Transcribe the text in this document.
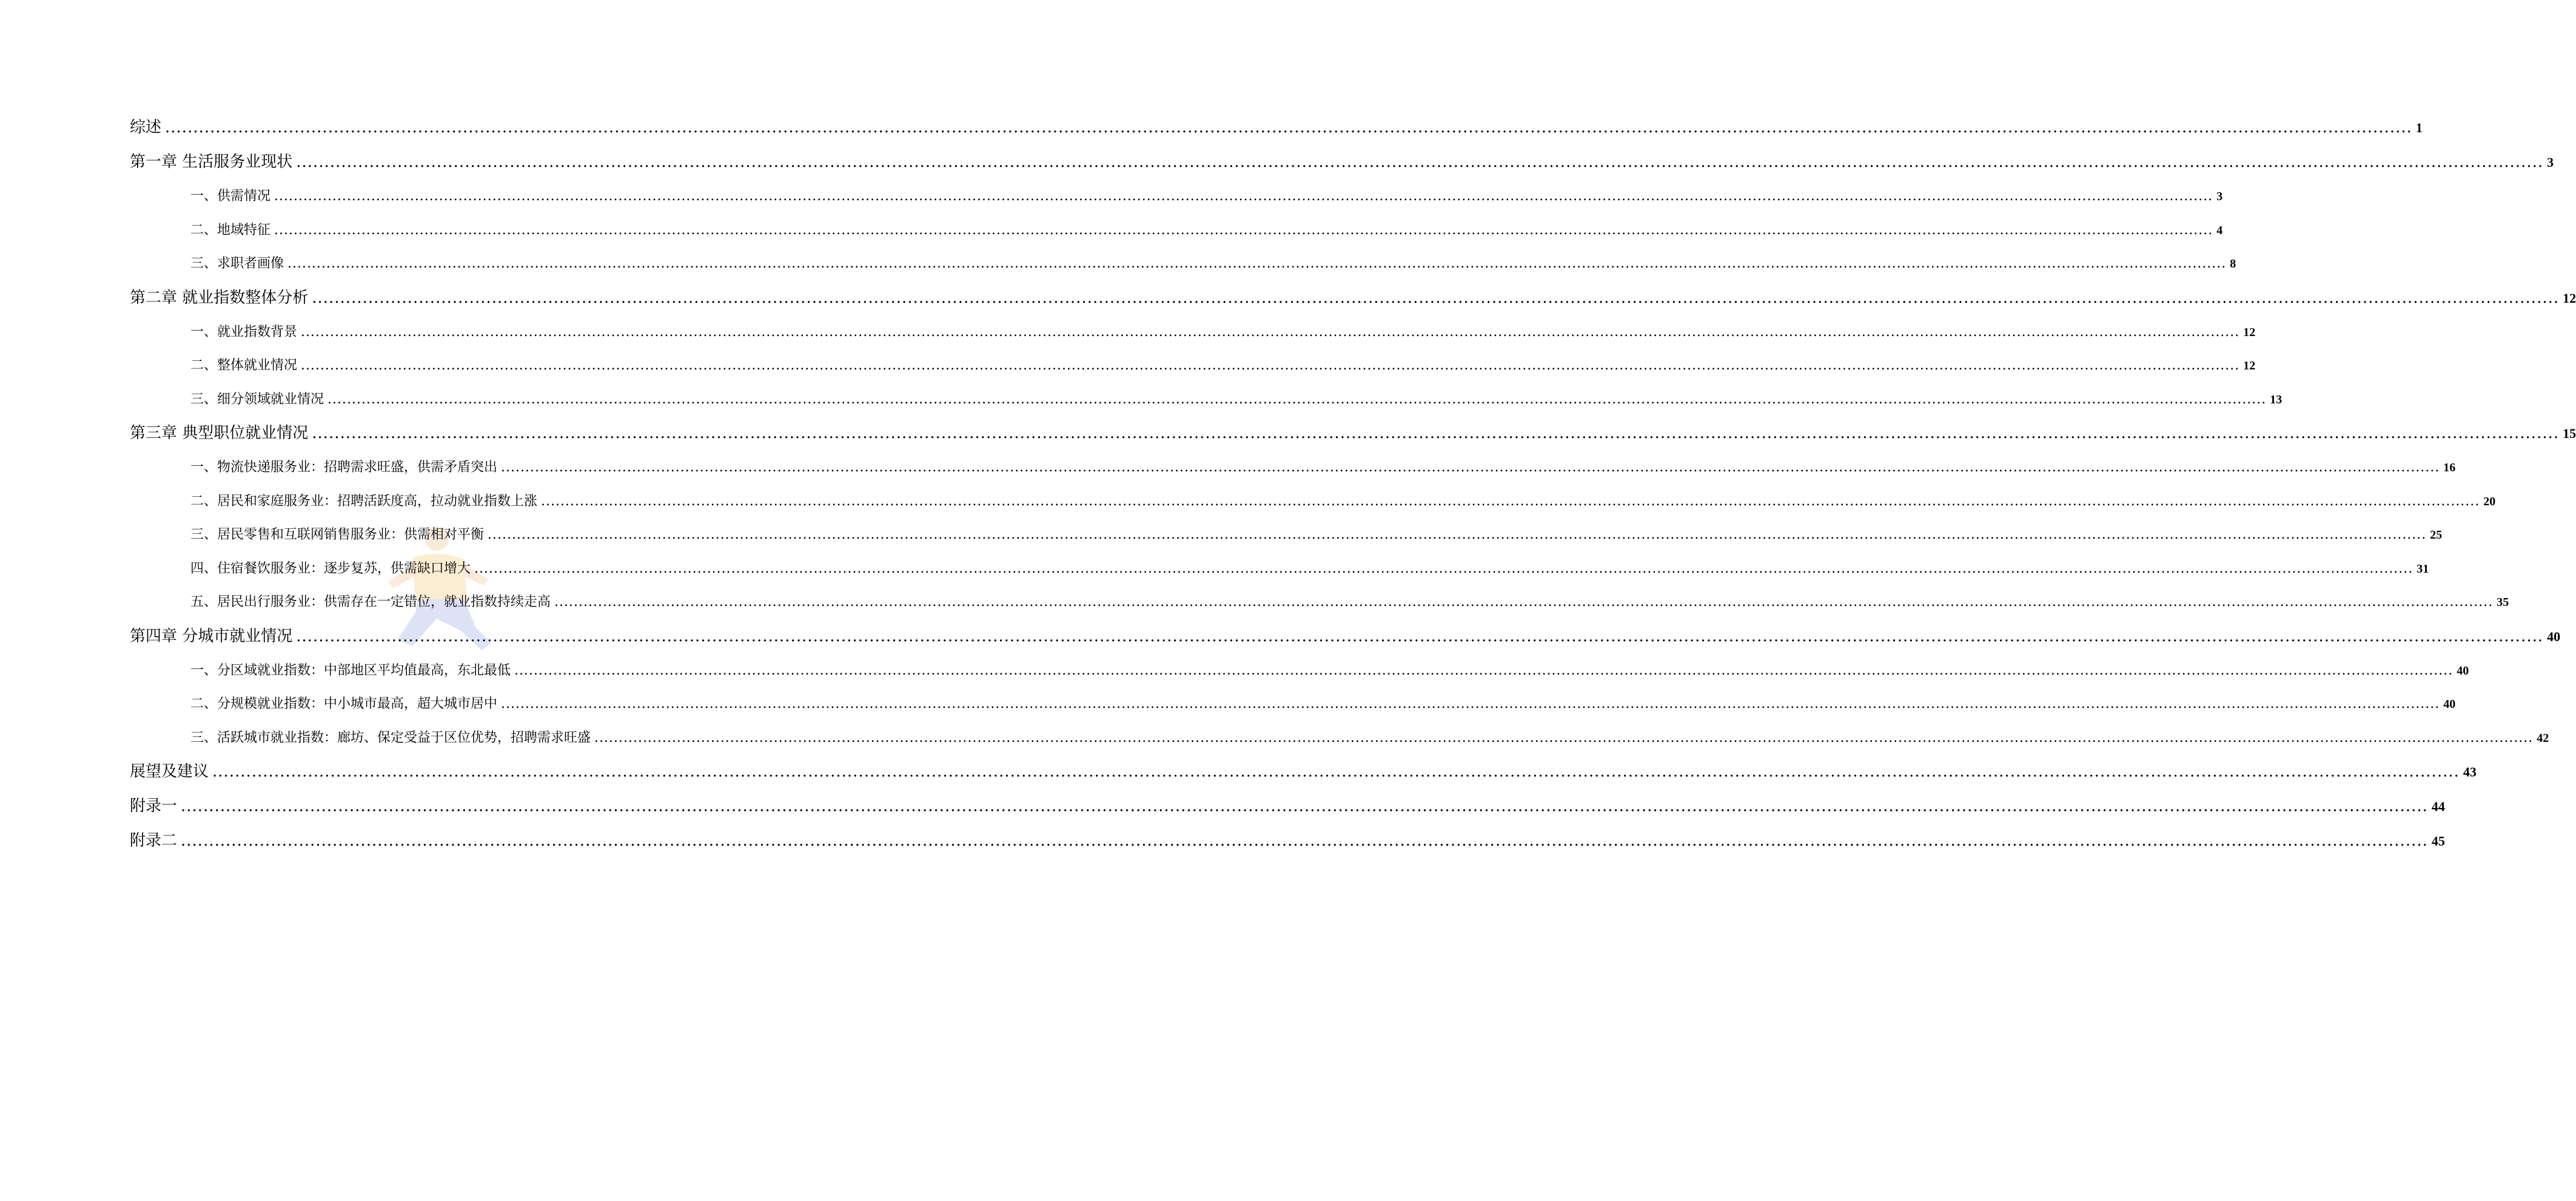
综述 ................................................................................................................................................................................................................................................................................................................................................................................................................ 1
第一章 生活服务业现状 ................................................................................................................................................................................................................................................................................................................................................................................................................ 3
一、供需情况 ................................................................................................................................................................................................................................................................................................................................................................................................................ 3
二、地域特征 ................................................................................................................................................................................................................................................................................................................................................................................................................ 4
三、求职者画像 ................................................................................................................................................................................................................................................................................................................................................................................................................ 8
第二章 就业指数整体分析 ................................................................................................................................................................................................................................................................................................................................................................................................................ 12
一、就业指数背景 ................................................................................................................................................................................................................................................................................................................................................................................................................ 12
二、整体就业情况 ................................................................................................................................................................................................................................................................................................................................................................................................................ 12
三、细分领域就业情况 ................................................................................................................................................................................................................................................................................................................................................................................................................ 13
第三章 典型职位就业情况 ................................................................................................................................................................................................................................................................................................................................................................................................................ 15
一、物流快递服务业：招聘需求旺盛，供需矛盾突出 ................................................................................................................................................................................................................................................................................................................................................................................................................ 16
二、居民和家庭服务业：招聘活跃度高，拉动就业指数上涨 ................................................................................................................................................................................................................................................................................................................................................................................................................ 20
三、居民零售和互联网销售服务业：供需相对平衡 ................................................................................................................................................................................................................................................................................................................................................................................................................ 25
四、住宿餐饮服务业：逐步复苏，供需缺口增大 ................................................................................................................................................................................................................................................................................................................................................................................................................ 31
五、居民出行服务业：供需存在一定错位，就业指数持续走高 ................................................................................................................................................................................................................................................................................................................................................................................................................ 35
第四章 分城市就业情况 ................................................................................................................................................................................................................................................................................................................................................................................................................ 40
一、分区域就业指数：中部地区平均值最高，东北最低 ................................................................................................................................................................................................................................................................................................................................................................................................................ 40
二、分规模就业指数：中小城市最高，超大城市居中 ................................................................................................................................................................................................................................................................................................................................................................................................................ 40
三、活跃城市就业指数：廊坊、保定受益于区位优势，招聘需求旺盛 ................................................................................................................................................................................................................................................................................................................................................................................................................ 42
展望及建议 ................................................................................................................................................................................................................................................................................................................................................................................................................ 43
附录一 ................................................................................................................................................................................................................................................................................................................................................................................................................ 44
附录二 ................................................................................................................................................................................................................................................................................................................................................................................................................ 45
